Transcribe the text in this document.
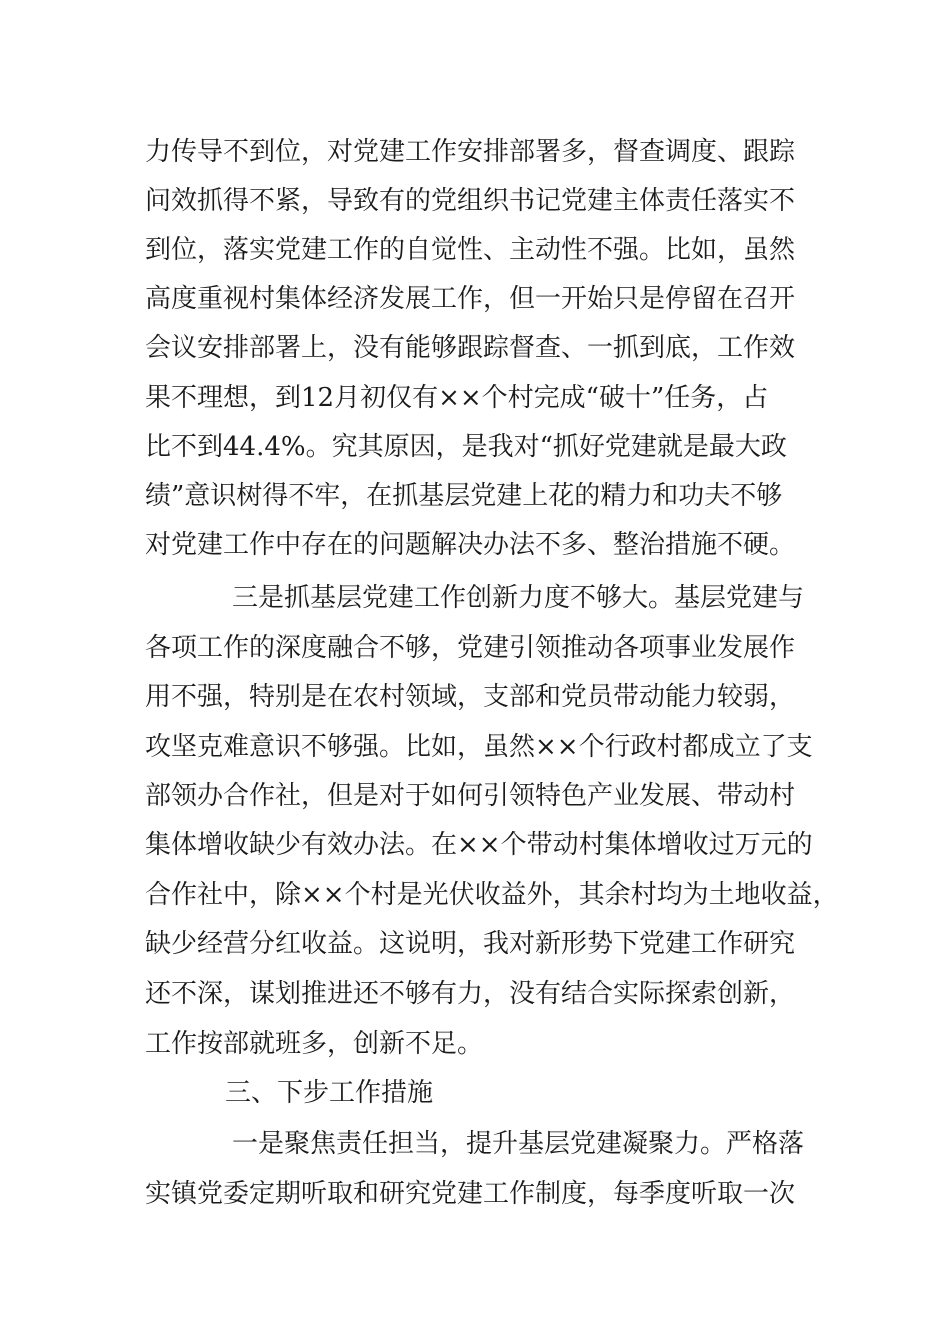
力传导不到位，对党建工作安排部署多，督查调度、跟踪

问效抓得不紧，导致有的党组织书记党建主体责任落实不

到位，落实党建工作的自觉性、主动性不强。比如，虽然

高度重视村集体经济发展工作，但一开始只是停留在召开

会议安排部署上，没有能够跟踪督查、一抓到底，工作效

果不理想，到12月初仅有××个村完成“破十”任务，占

比不到44.4%。究其原因，是我对“抓好党建就是最大政

绩”意识树得不牢，在抓基层党建上花的精力和功夫不够

对党建工作中存在的问题解决办法不多、整治措施不硬。

三是抓基层党建工作创新力度不够大。基层党建与

各项工作的深度融合不够，党建引领推动各项事业发展作

用不强，特别是在农村领域，支部和党员带动能力较弱，

攻坚克难意识不够强。比如，虽然××个行政村都成立了支

部领办合作社，但是对于如何引领特色产业发展、带动村

集体增收缺少有效办法。在××个带动村集体增收过万元的

合作社中，除××个村是光伏收益外，其余村均为土地收益，

缺少经营分红收益。这说明，我对新形势下党建工作研究

还不深，谋划推进还不够有力，没有结合实际探索创新，

工作按部就班多，创新不足。

三、下步工作措施

一是聚焦责任担当，提升基层党建凝聚力。严格落

实镇党委定期听取和研究党建工作制度，每季度听取一次
